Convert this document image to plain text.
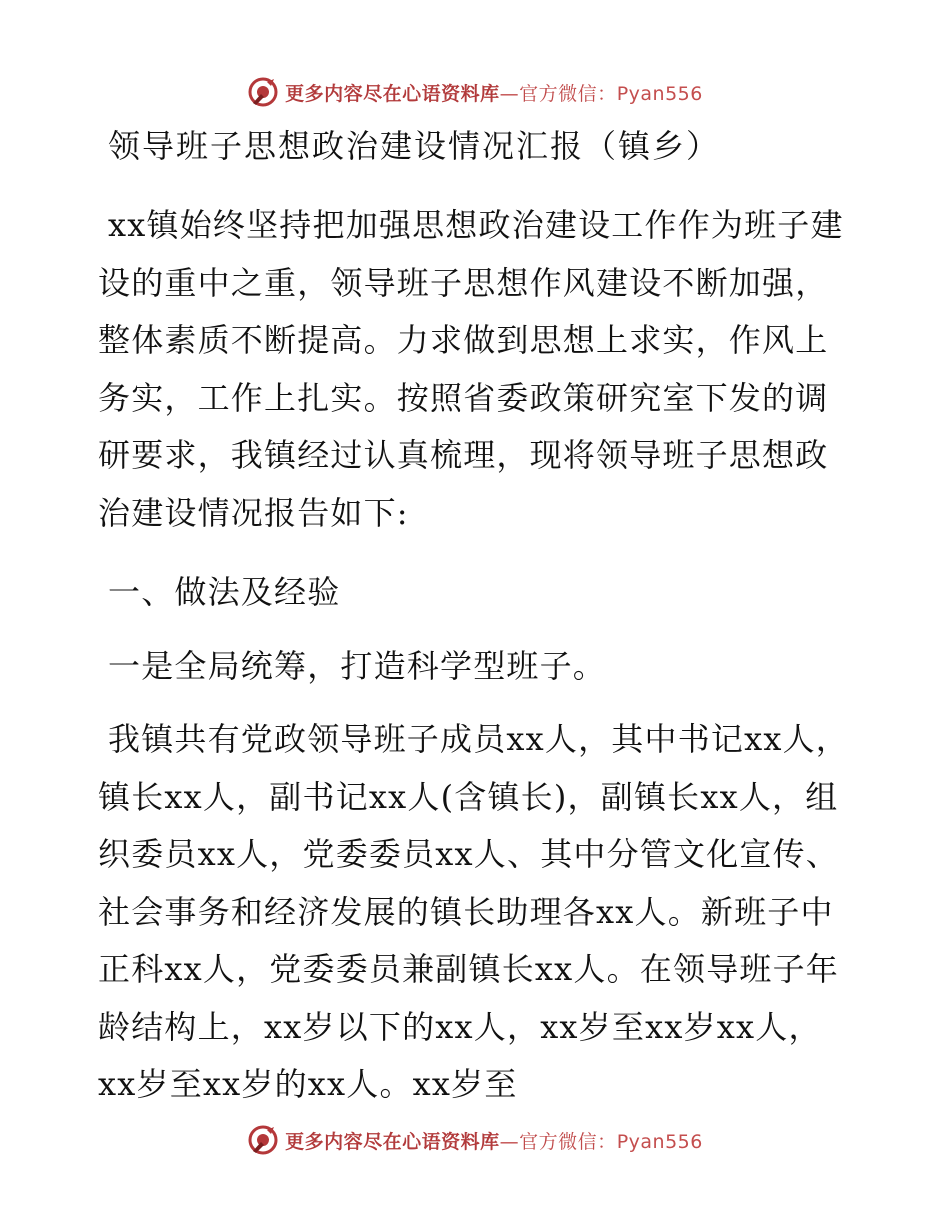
更多内容尽在心语资料库—官方微信：Pyan556
领导班子思想政治建设情况汇报（镇乡）

xx镇始终坚持把加强思想政治建设工作作为班子建设的重中之重，领导班子思想作风建设不断加强，整体素质不断提高。力求做到思想上求实，作风上务实，工作上扎实。按照省委政策研究室下发的调研要求，我镇经过认真梳理，现将领导班子思想政治建设情况报告如下:

一、做法及经验

一是全局统筹，打造科学型班子。

我镇共有党政领导班子成员xx人，其中书记xx人，镇长xx人，副书记xx人(含镇长)，副镇长xx人，组织委员xx人，党委委员xx人、其中分管文化宣传、社会事务和经济发展的镇长助理各xx人。新班子中正科xx人，党委委员兼副镇长xx人。在领导班子年龄结构上，xx岁以下的xx人，xx岁至xx岁xx人，xx岁至xx岁的xx人。xx岁至

更多内容尽在心语资料库—官方微信：Pyan556
